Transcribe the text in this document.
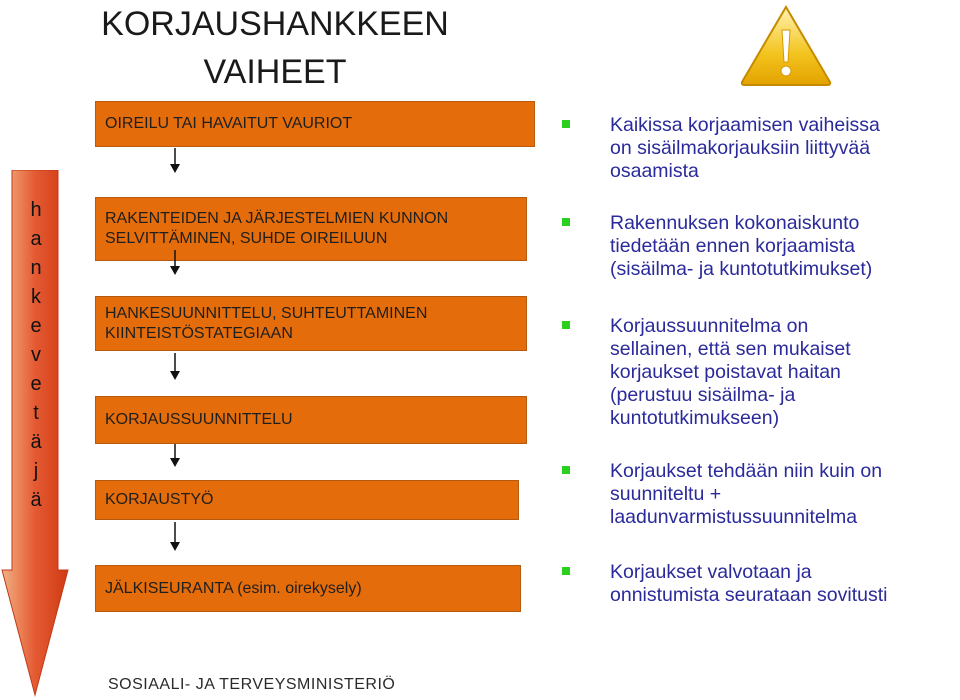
KORJAUSHANKKEEN
VAIHEET
h
a
n
k
e
v
e
t
ä
j
ä
OIREILU TAI HAVAITUT VAURIOT
RAKENTEIDEN JA JÄRJESTELMIEN KUNNON
SELVITTÄMINEN, SUHDE OIREILUUN
HANKESUUNNITTELU, SUHTEUTTAMINEN
KIINTEISTÖSTATEGIAAN
KORJAUSSUUNNITTELU
KORJAUSTYÖ
JÄLKISEURANTA (esim. oirekysely)
Kaikissa korjaamisen vaiheissa
on sisäilmakorjauksiin liittyvää
osaamista
Rakennuksen kokonaiskunto
tiedetään ennen korjaamista
(sisäilma- ja kuntotutkimukset)
Korjaussuunnitelma on
sellainen, että sen mukaiset
korjaukset poistavat haitan
(perustuu sisäilma- ja
kuntotutkimukseen)
Korjaukset tehdään niin kuin on
suunniteltu +
laadunvarmistussuunnitelma
Korjaukset valvotaan ja
onnistumista seurataan sovitusti
SOSIAALI- JA TERVEYSMINISTERIÖ
